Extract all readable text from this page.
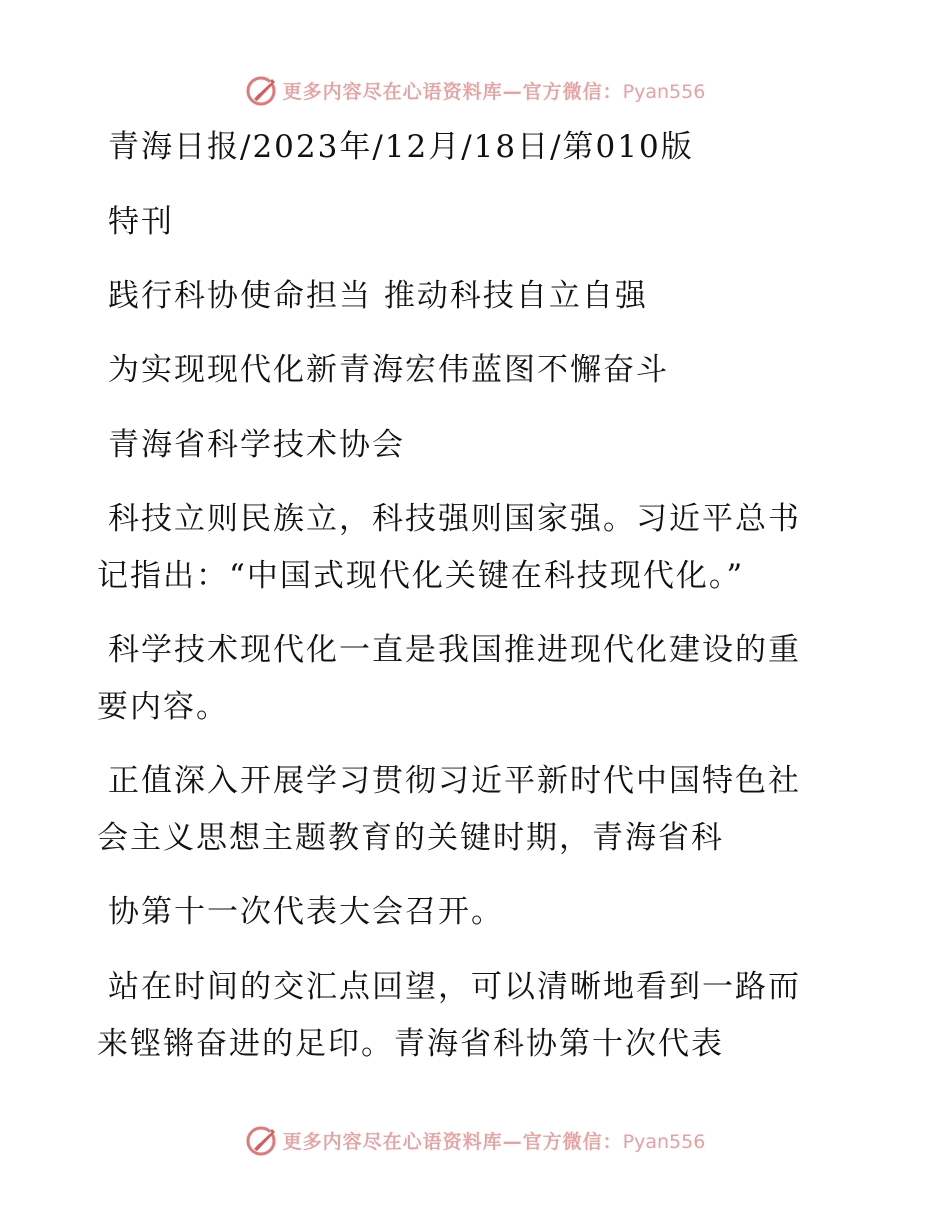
更多内容尽在心语资料库—官方微信：Pyan556
青海日报/2023年/12月/18日/第010版
特刊
践行科协使命担当 推动科技自立自强
为实现现代化新青海宏伟蓝图不懈奋斗
青海省科学技术协会
科技立则民族立，科技强则国家强。习近平总书
记指出：“中国式现代化关键在科技现代化。”
科学技术现代化一直是我国推进现代化建设的重
要内容。
正值深入开展学习贯彻习近平新时代中国特色社
会主义思想主题教育的关键时期，青海省科
协第十一次代表大会召开。
站在时间的交汇点回望，可以清晰地看到一路而
来铿锵奋进的足印。青海省科协第十次代表
更多内容尽在心语资料库—官方微信：Pyan556
